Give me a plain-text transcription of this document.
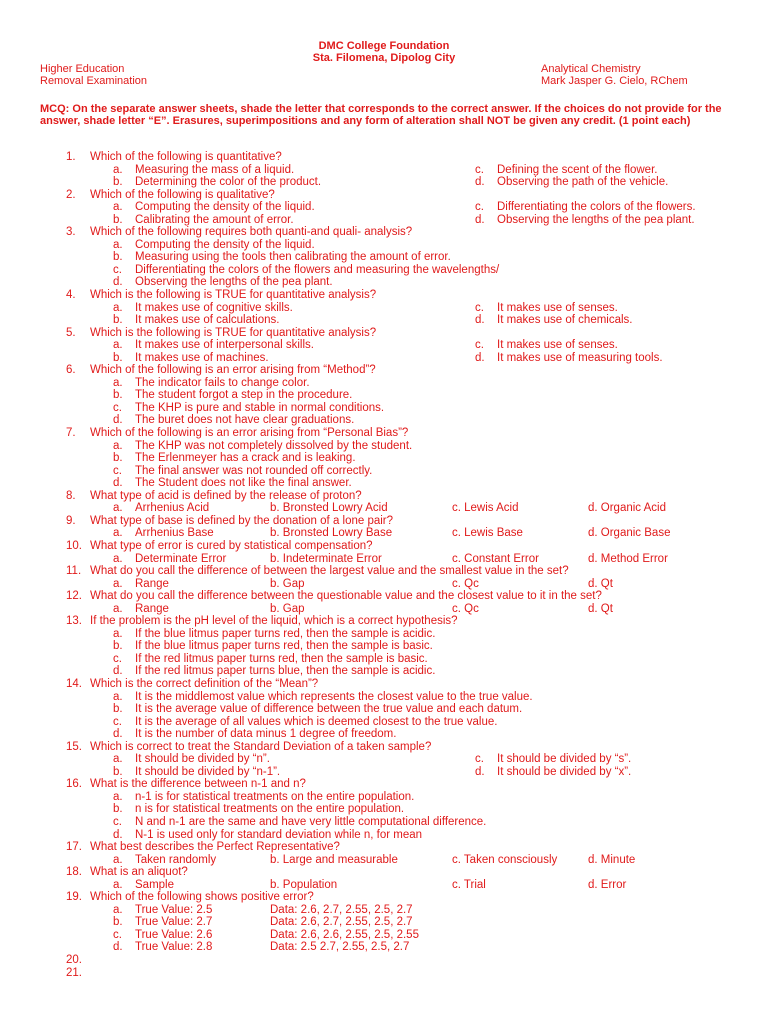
DMC College Foundation
Sta. Filomena, Dipolog City
Higher Education
Removal Examination
Analytical Chemistry
Mark Jasper G. Cielo, RChem
MCQ: On the separate answer sheets, shade the letter that corresponds to the correct answer. If the choices do not provide for the answer, shade letter “E”. Erasures, superimpositions and any form of alteration shall NOT be given any credit. (1 point each)
1. Which of the following is quantitative?
a. Measuring the mass of a liquid.	c. Defining the scent of the flower.
b. Determining the color of the product.	d. Observing the path of the vehicle.
2. Which of the following is qualitative?
a. Computing the density of the liquid.	c. Differentiating the colors of the flowers.
b. Calibrating the amount of error.	d. Observing the lengths of the pea plant.
3. Which of the following requires both quanti-and quali- analysis?
a. Computing the density of the liquid.
b. Measuring using the tools then calibrating the amount of error.
c. Differentiating the colors of the flowers and measuring the wavelengths/
d. Observing the lengths of the pea plant.
4. Which is the following is TRUE for quantitative analysis?
a. It makes use of cognitive skills.	c. It makes use of senses.
b. It makes use of calculations.	d. It makes use of chemicals.
5. Which is the following is TRUE for quantitative analysis?
a. It makes use of interpersonal skills.	c. It makes use of senses.
b. It makes use of machines.	d. It makes use of measuring tools.
6. Which of the following is an error arising from “Method”?
a. The indicator fails to change color.
b. The student forgot a step in the procedure.
c. The KHP is pure and stable in normal conditions.
d. The buret does not have clear graduations.
7. Which of the following is an error arising from “Personal Bias”?
a. The KHP was not completely dissolved by the student.
b. The Erlenmeyer has a crack and is leaking.
c. The final answer was not rounded off correctly.
d. The Student does not like the final answer.
8. What type of acid is defined by the release of proton?
a. Arrhenius Acid	b. Bronsted Lowry Acid	c. Lewis Acid	d. Organic Acid
9. What type of base is defined by the donation of a lone pair?
a. Arrhenius Base	b. Bronsted Lowry Base	c. Lewis Base	d. Organic Base
10. What type of error is cured by statistical compensation?
a. Determinate Error	b. Indeterminate Error	c. Constant Error	d. Method Error
11. What do you call the difference of between the largest value and the smallest value in the set?
a. Range	b. Gap	c. Qc	d. Qt
12. What do you call the difference between the questionable value and the closest value to it in the set?
a. Range	b. Gap	c. Qc	d. Qt
13. If the problem is the pH level of the liquid, which is a correct hypothesis?
a. If the blue litmus paper turns red, then the sample is acidic.
b. If the blue litmus paper turns red, then the sample is basic.
c. If the red litmus paper turns red, then the sample is basic.
d. If the red litmus paper turns blue, then the sample is acidic.
14. Which is the correct definition of the “Mean”?
a. It is the middlemost value which represents the closest value to the true value.
b. It is the average value of difference between the true value and each datum.
c. It is the average of all values which is deemed closest to the true value.
d. It is the number of data minus 1 degree of freedom.
15. Which is correct to treat the Standard Deviation of a taken sample?
a. It should be divided by “n”.	c. It should be divided by “s”.
b. It should be divided by “n-1”.	d. It should be divided by “x”.
16. What is the difference between n-1 and n?
a. n-1 is for statistical treatments on the entire population.
b. n is for statistical treatments on the entire population.
c. N and n-1 are the same and have very little computational difference.
d. N-1 is used only for standard deviation while n, for mean
17. What best describes the Perfect Representative?
a. Taken randomly	b. Large and measurable	c. Taken consciously	d. Minute
18. What is an aliquot?
a. Sample	b. Population	c. Trial	d. Error
19. Which of the following shows positive error?
a. True Value: 2.5	Data: 2.6, 2.7, 2.55, 2.5, 2.7
b. True Value: 2.7	Data: 2.6, 2.7, 2.55, 2.5, 2.7
c. True Value: 2.6	Data: 2.6, 2.6, 2.55, 2.5, 2.55
d. True Value: 2.8	Data: 2.5 2.7, 2.55, 2.5, 2.7
20.
21.
